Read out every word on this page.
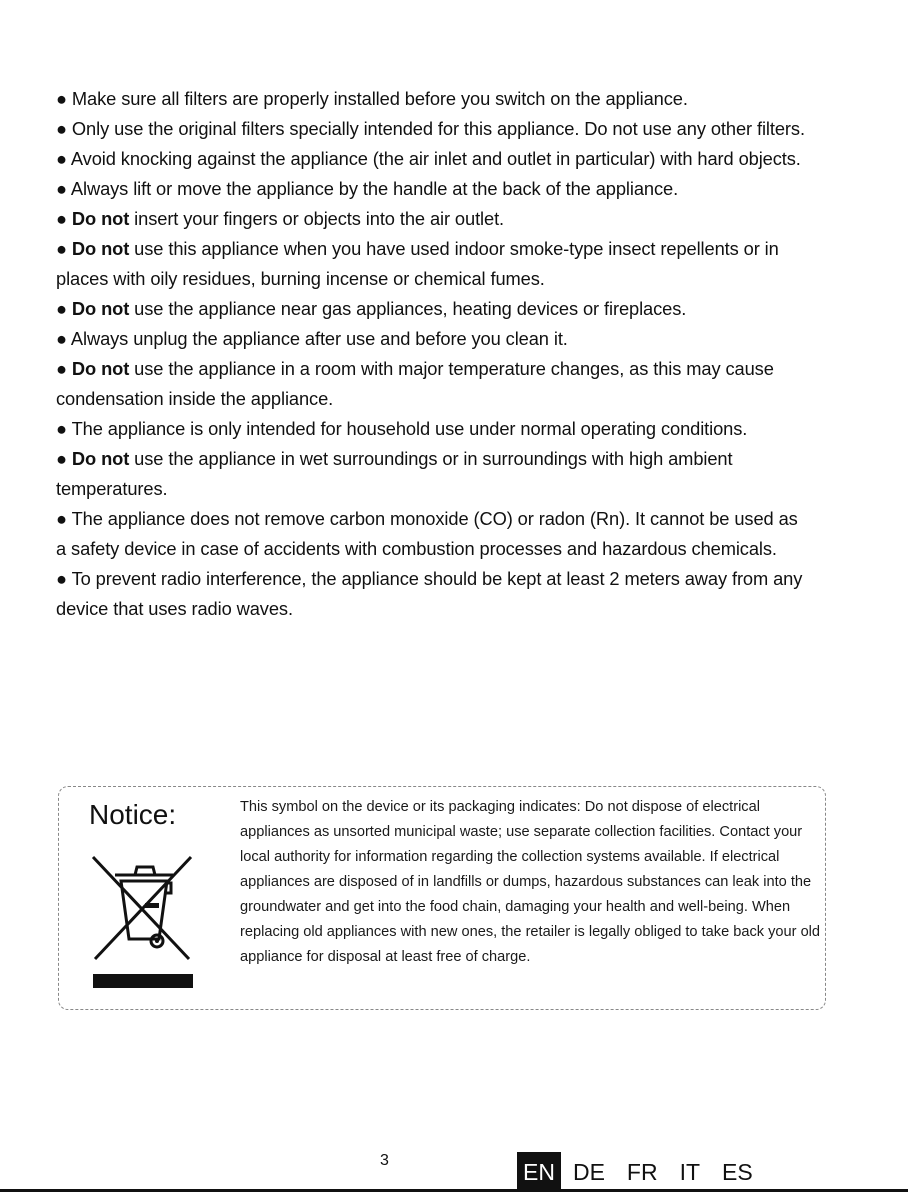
● Make sure all filters are properly installed before you switch on the appliance.

● Only use the original filters specially intended for this appliance. Do not use any other filters.

● Avoid knocking against the appliance (the air inlet and outlet in particular) with hard objects.

● Always lift or move the appliance by the handle at the back of the appliance.

● Do not insert your fingers or objects into the air outlet.

● Do not use this appliance when you have used indoor smoke-type insect repellents or in places with oily residues, burning incense or chemical fumes.

● Do not use the appliance near gas appliances, heating devices or fireplaces.

● Always unplug the appliance after use and before you clean it.

● Do not use the appliance in a room with major temperature changes, as this may cause condensation inside the appliance.

● The appliance is only intended for household use under normal operating conditions.

● Do not use the appliance in wet surroundings or in surroundings with high ambient temperatures.

● The appliance does not remove carbon monoxide (CO) or radon (Rn). It cannot be used as a safety device in case of accidents with combustion processes and hazardous chemicals.

● To prevent radio interference, the appliance should be kept at least 2 meters away from any device that uses radio waves.

Notice:	This symbol on the device or its packaging indicates: Do not dispose of electrical appliances as unsorted municipal waste; use separate collection facilities. Contact your local authority for information regarding the collection systems available. If electrical appliances are disposed of in landfills or dumps, hazardous substances can leak into the groundwater and get into the food chain, damaging your health and well-being. When replacing old appliances with new ones, the retailer is legally obliged to take back your old appliance for disposal at least free of charge.
3	EN DE FR IT ES
